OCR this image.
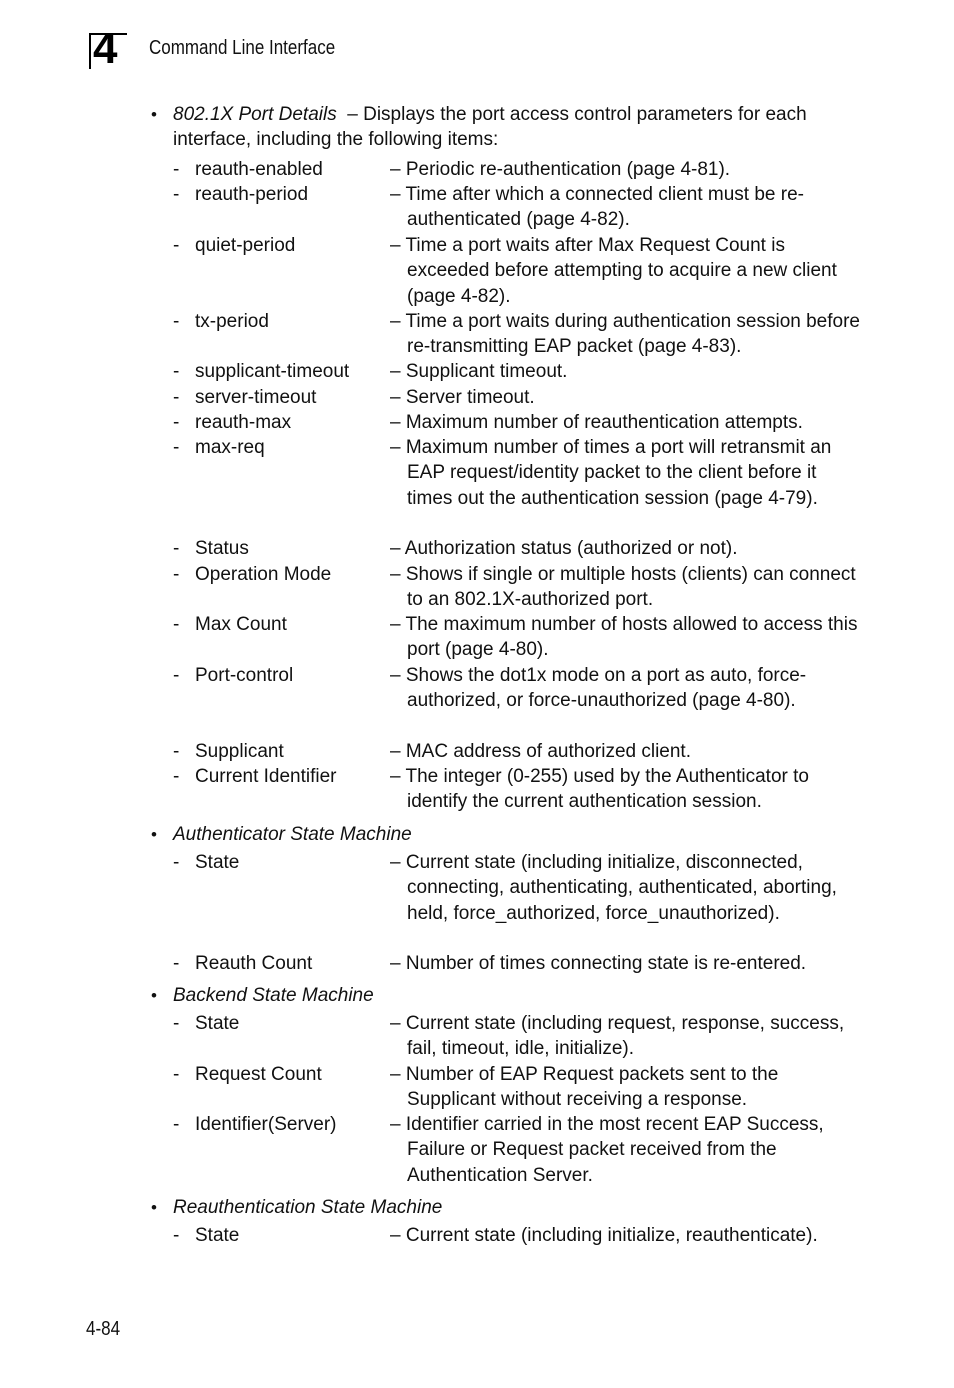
4 Command Line Interface
• 802.1X Port Details – Displays the port access control parameters for each interface, including the following items:
- reauth-enabled	– Periodic re-authentication (page 4-81).
- reauth-period	– Time after which a connected client must be re-authenticated (page 4-82).
- quiet-period	– Time a port waits after Max Request Count is exceeded before attempting to acquire a new client (page 4-82).
- tx-period	– Time a port waits during authentication session before re-transmitting EAP packet (page 4-83).
- supplicant-timeout – Supplicant timeout.
- server-timeout	– Server timeout.
- reauth-max	– Maximum number of reauthentication attempts.
- max-req	– Maximum number of times a port will retransmit an EAP request/identity packet to the client before it times out the authentication session (page 4-79).
- Status	– Authorization status (authorized or not).
- Operation Mode	– Shows if single or multiple hosts (clients) can connect to an 802.1X-authorized port.
- Max Count	– The maximum number of hosts allowed to access this port (page 4-80).
- Port-control	– Shows the dot1x mode on a port as auto, force-authorized, or force-unauthorized (page 4-80).
- Supplicant	– MAC address of authorized client.
- Current Identifier	– The integer (0-255) used by the Authenticator to identify the current authentication session.
• Authenticator State Machine
- State	– Current state (including initialize, disconnected, connecting, authenticating, authenticated, aborting, held, force_authorized, force_unauthorized).
- Reauth Count	– Number of times connecting state is re-entered.
• Backend State Machine
- State	– Current state (including request, response, success, fail, timeout, idle, initialize).
- Request Count	– Number of EAP Request packets sent to the Supplicant without receiving a response.
- Identifier(Server)	– Identifier carried in the most recent EAP Success, Failure or Request packet received from the Authentication Server.
• Reauthentication State Machine
- State	– Current state (including initialize, reauthenticate).
4-84
